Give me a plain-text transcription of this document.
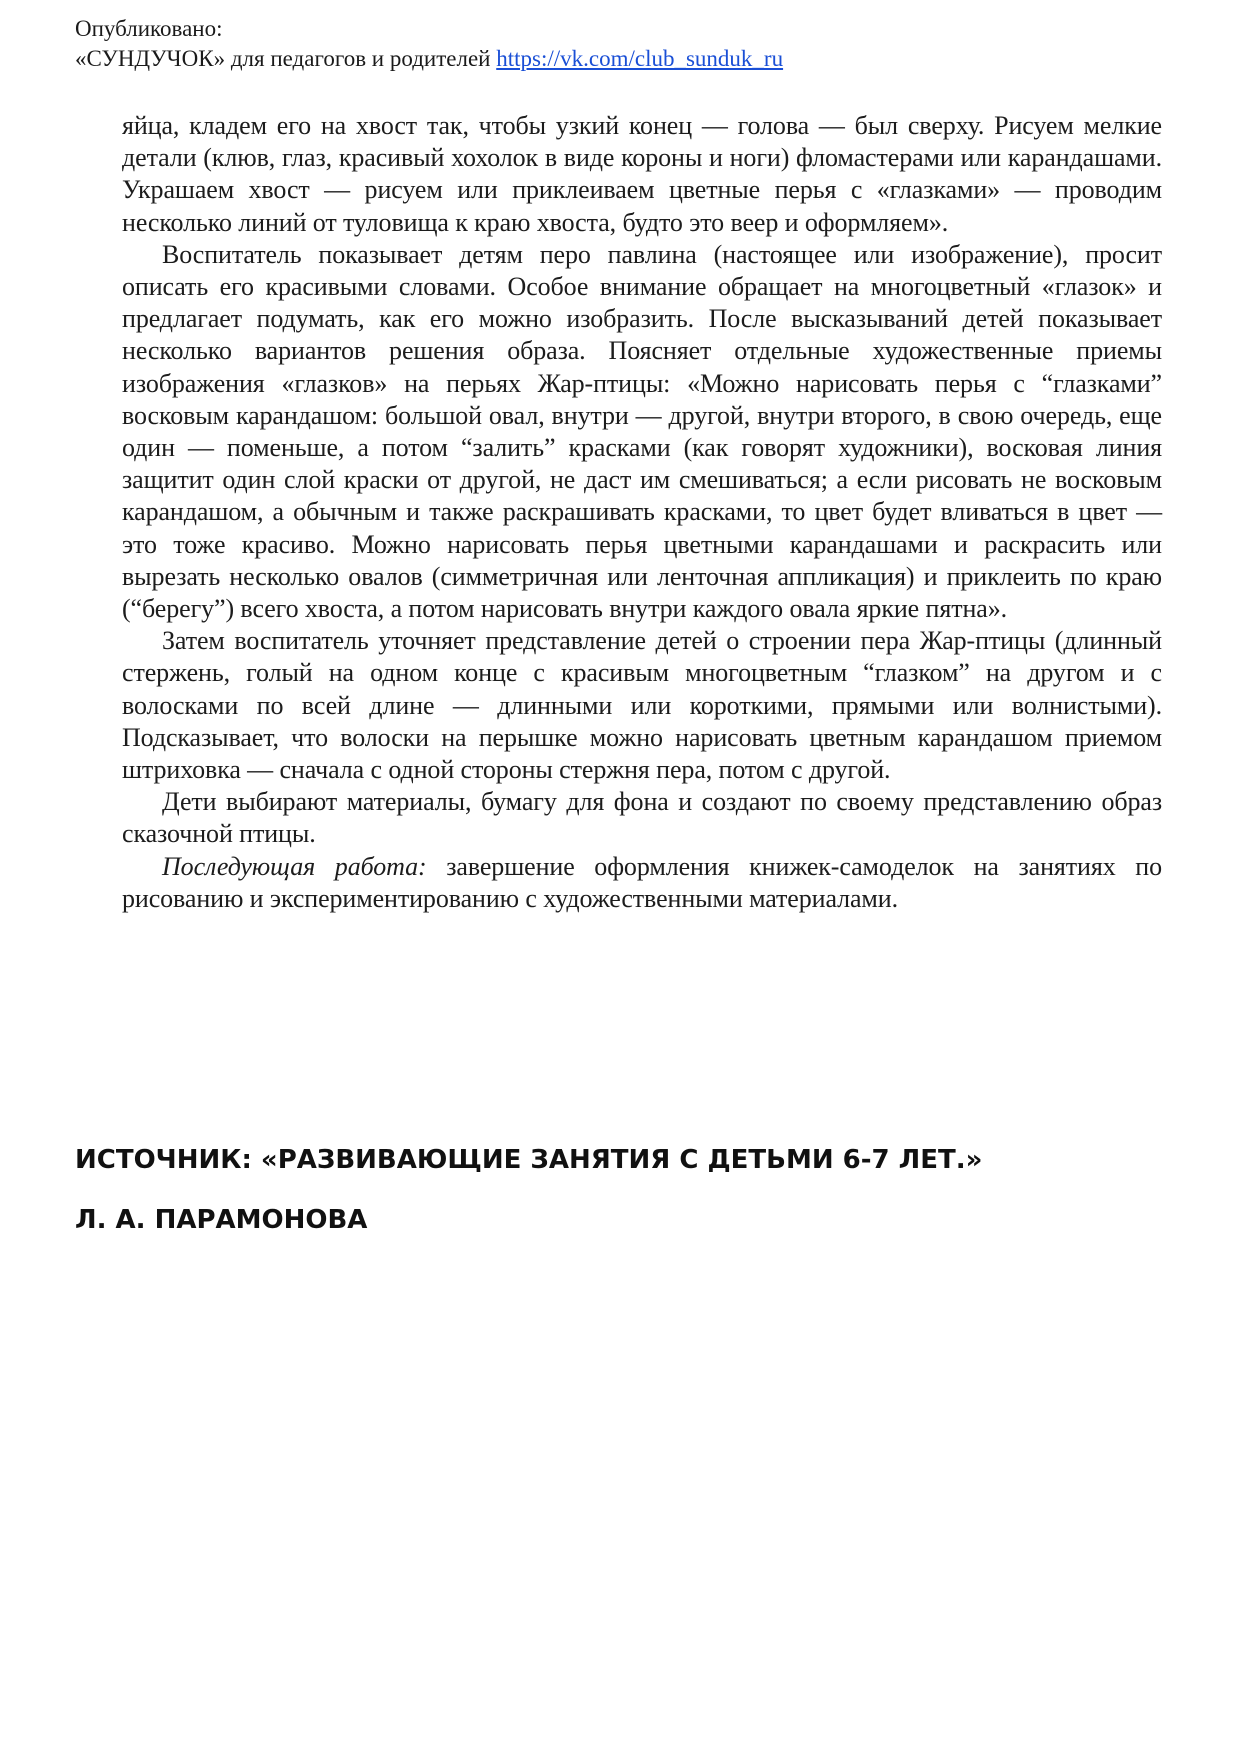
Опубликовано:
«СУНДУЧОК» для педагогов и родителей https://vk.com/club_sunduk_ru

яйца, кладем его на хвост так, чтобы узкий конец — голова — был сверху. Рисуем мелкие детали (клюв, глаз, красивый хохолок в виде короны и ноги) фломастерами или карандашами. Украшаем хвост — рисуем или приклеиваем цветные перья с «глазками» — проводим несколько линий от туловища к краю хвоста, будто это веер и оформляем».

Воспитатель показывает детям перо павлина (настоящее или изображение), просит описать его красивыми словами. Особое внимание обращает на многоцветный «глазок» и предлагает подумать, как его можно изобразить. После высказываний детей показывает несколько вариантов решения образа. Поясняет отдельные художественные приемы изображения «глазков» на перьях Жар-птицы: «Можно нарисовать перья с “глазками” восковым карандашом: большой овал, внутри — другой, внутри второго, в свою очередь, еще один — поменьше, а потом “залить” красками (как говорят художники), восковая линия защитит один слой краски от другой, не даст им смешиваться; а если рисовать не восковым карандашом, а обычным и также раскрашивать красками, то цвет будет вливаться в цвет — это тоже красиво. Можно нарисовать перья цветными карандашами и раскрасить или вырезать несколько овалов (симметричная или ленточная аппликация) и приклеить по краю (“берегу”) всего хвоста, а потом нарисовать внутри каждого овала яркие пятна».

Затем воспитатель уточняет представление детей о строении пера Жар-птицы (длинный стержень, голый на одном конце с красивым многоцветным “глазком” на другом и с волосками по всей длине — длинными или короткими, прямыми или волнистыми). Подсказывает, что волоски на перышке можно нарисовать цветным карандашом приемом штриховка — сначала с одной стороны стержня пера, потом с другой.

Дети выбирают материалы, бумагу для фона и создают по своему представлению образ сказочной птицы.

Последующая работа: завершение оформления книжек-самоделок на занятиях по рисованию и экспериментированию с художественными материалами.

ИСТОЧНИК: «РАЗВИВАЮЩИЕ ЗАНЯТИЯ С ДЕТЬМИ 6-7 ЛЕТ.»
Л. А. ПАРАМОНОВА
